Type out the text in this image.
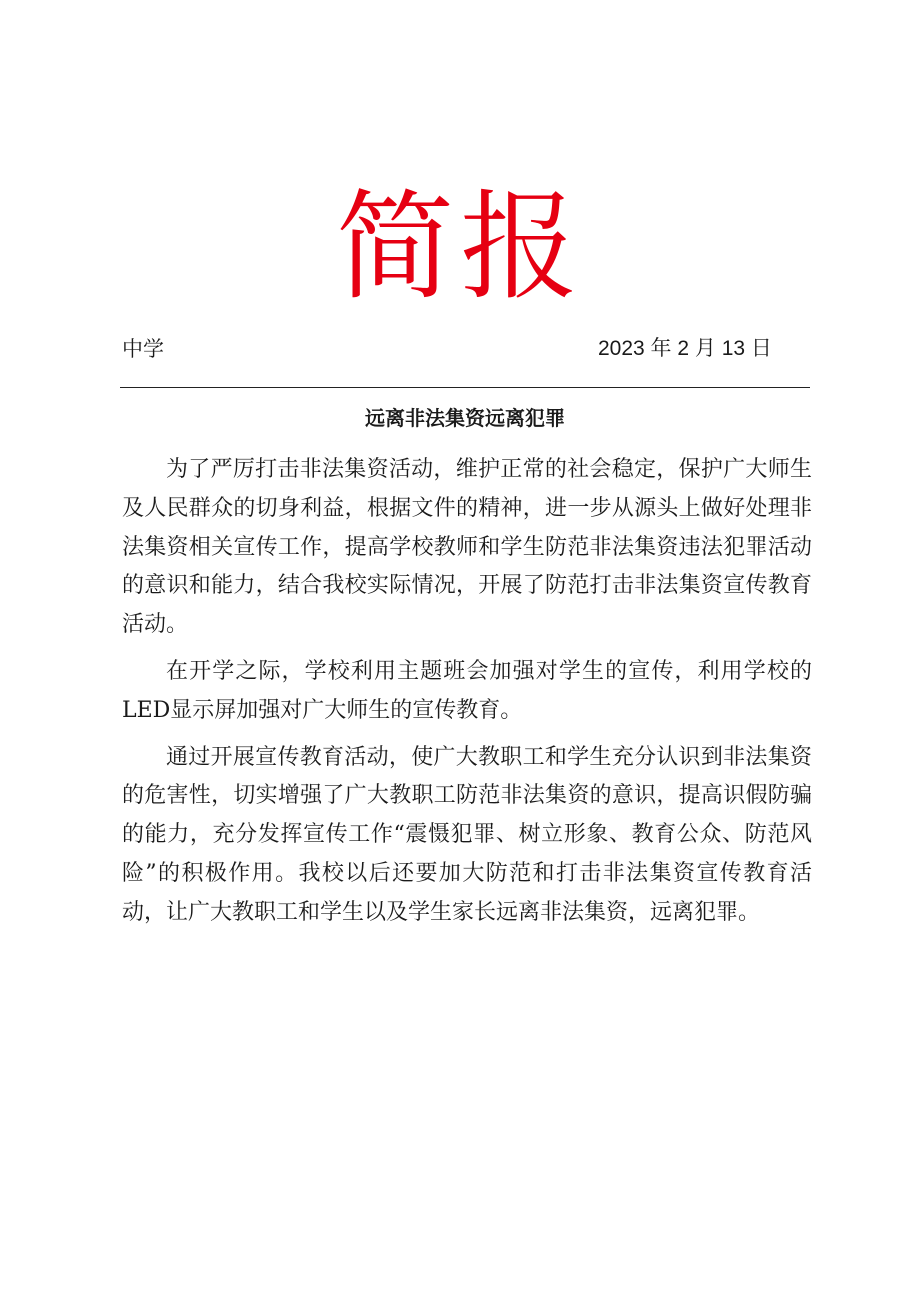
简报
中学	2023 年 2 月 13 日
远离非法集资远离犯罪

为了严厉打击非法集资活动，维护正常的社会稳定，保护广大师生及人民群众的切身利益，根据文件的精神，进一步从源头上做好处理非法集资相关宣传工作，提高学校教师和学生防范非法集资违法犯罪活动的意识和能力，结合我校实际情况，开展了防范打击非法集资宣传教育活动。

在开学之际，学校利用主题班会加强对学生的宣传，利用学校的LED显示屏加强对广大师生的宣传教育。

通过开展宣传教育活动，使广大教职工和学生充分认识到非法集资的危害性，切实增强了广大教职工防范非法集资的意识，提高识假防骗的能力，充分发挥宣传工作“震慑犯罪、树立形象、教育公众、防范风险”的积极作用。我校以后还要加大防范和打击非法集资宣传教育活动，让广大教职工和学生以及学生家长远离非法集资，远离犯罪。
